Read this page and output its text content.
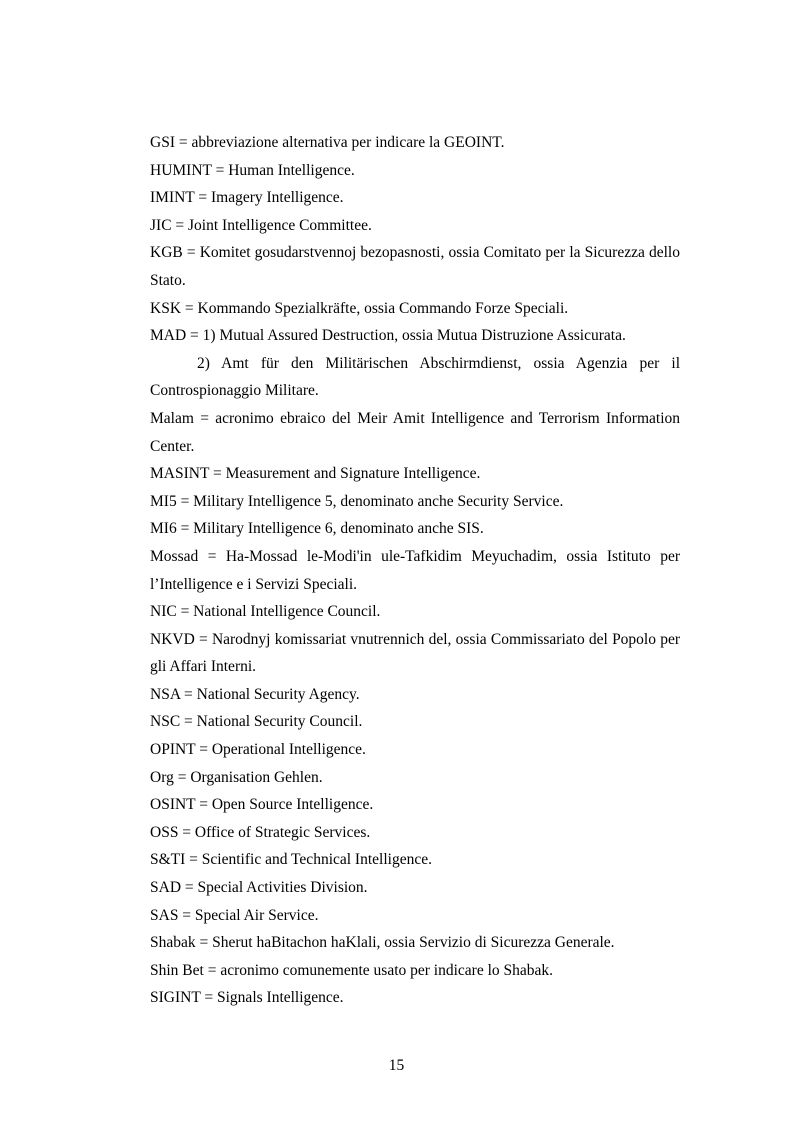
GSI = abbreviazione alternativa per indicare la GEOINT.

HUMINT = Human Intelligence.

IMINT = Imagery Intelligence.

JIC = Joint Intelligence Committee.

KGB = Komitet gosudarstvennoj bezopasnosti, ossia Comitato per la Sicurezza dello Stato.

KSK = Kommando Spezialkräfte, ossia Commando Forze Speciali.

MAD = 1) Mutual Assured Destruction, ossia Mutua Distruzione Assicurata.

2) Amt für den Militärischen Abschirmdienst, ossia Agenzia per il Controspionaggio Militare.

Malam = acronimo ebraico del Meir Amit Intelligence and Terrorism Information Center.

MASINT = Measurement and Signature Intelligence.

MI5 = Military Intelligence 5, denominato anche Security Service.

MI6 = Military Intelligence 6, denominato anche SIS.

Mossad = Ha-Mossad le-Modi'in ule-Tafkidim Meyuchadim, ossia Istituto per l’Intelligence e i Servizi Speciali.

NIC = National Intelligence Council.

NKVD = Narodnyj komissariat vnutrennich del, ossia Commissariato del Popolo per gli Affari Interni.

NSA = National Security Agency.

NSC = National Security Council.

OPINT = Operational Intelligence.

Org = Organisation Gehlen.

OSINT = Open Source Intelligence.

OSS = Office of Strategic Services.

S&TI = Scientific and Technical Intelligence.

SAD = Special Activities Division.

SAS = Special Air Service.

Shabak = Sherut haBitachon haKlali, ossia Servizio di Sicurezza Generale.

Shin Bet = acronimo comunemente usato per indicare lo Shabak.

SIGINT = Signals Intelligence.

15
